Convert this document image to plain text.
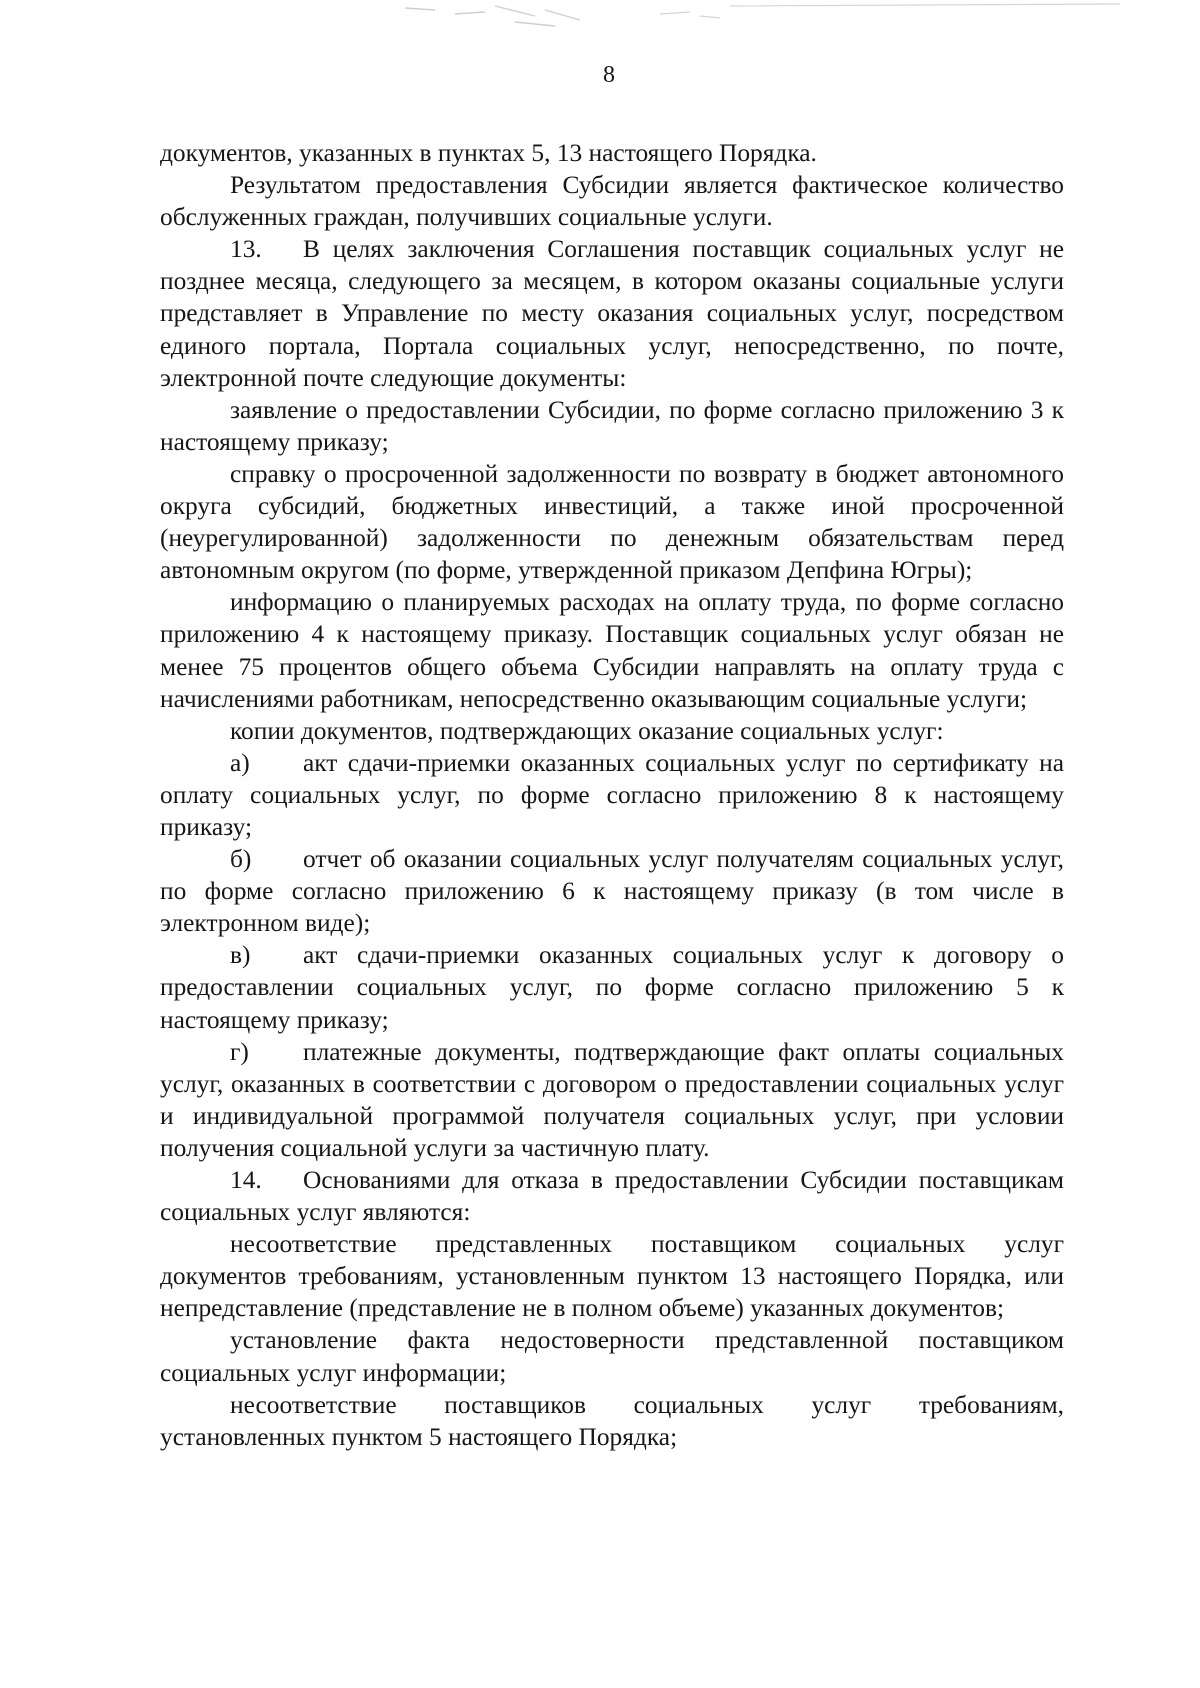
8

документов, указанных в пунктах 5, 13 настоящего Порядка.

Результатом предоставления Субсидии является фактическое количество обслуженных граждан, получивших социальные услуги.

13. В целях заключения Соглашения поставщик социальных услуг не позднее месяца, следующего за месяцем, в котором оказаны социальные услуги представляет в Управление по месту оказания социальных услуг, посредством единого портала, Портала социальных услуг, непосредственно, по почте, электронной почте следующие документы:

заявление о предоставлении Субсидии, по форме согласно приложению 3 к настоящему приказу;

справку о просроченной задолженности по возврату в бюджет автономного округа субсидий, бюджетных инвестиций, а также иной просроченной (неурегулированной) задолженности по денежным обязательствам перед автономным округом (по форме, утвержденной приказом Депфина Югры);

информацию о планируемых расходах на оплату труда, по форме согласно приложению 4 к настоящему приказу. Поставщик социальных услуг обязан не менее 75 процентов общего объема Субсидии направлять на оплату труда с начислениями работникам, непосредственно оказывающим социальные услуги;

копии документов, подтверждающих оказание социальных услуг:

а) акт сдачи-приемки оказанных социальных услуг по сертификату на оплату социальных услуг, по форме согласно приложению 8 к настоящему приказу;

б) отчет об оказании социальных услуг получателям социальных услуг, по форме согласно приложению 6 к настоящему приказу (в том числе в электронном виде);

в) акт сдачи-приемки оказанных социальных услуг к договору о предоставлении социальных услуг, по форме согласно приложению 5 к настоящему приказу;

г) платежные документы, подтверждающие факт оплаты социальных услуг, оказанных в соответствии с договором о предоставлении социальных услуг и индивидуальной программой получателя социальных услуг, при условии получения социальной услуги за частичную плату.

14. Основаниями для отказа в предоставлении Субсидии поставщикам социальных услуг являются:

несоответствие представленных поставщиком социальных услуг документов требованиям, установленным пунктом 13 настоящего Порядка, или непредставление (представление не в полном объеме) указанных документов;

установление факта недостоверности представленной поставщиком социальных услуг информации;

несоответствие поставщиков социальных услуг требованиям, установленных пунктом 5 настоящего Порядка;
